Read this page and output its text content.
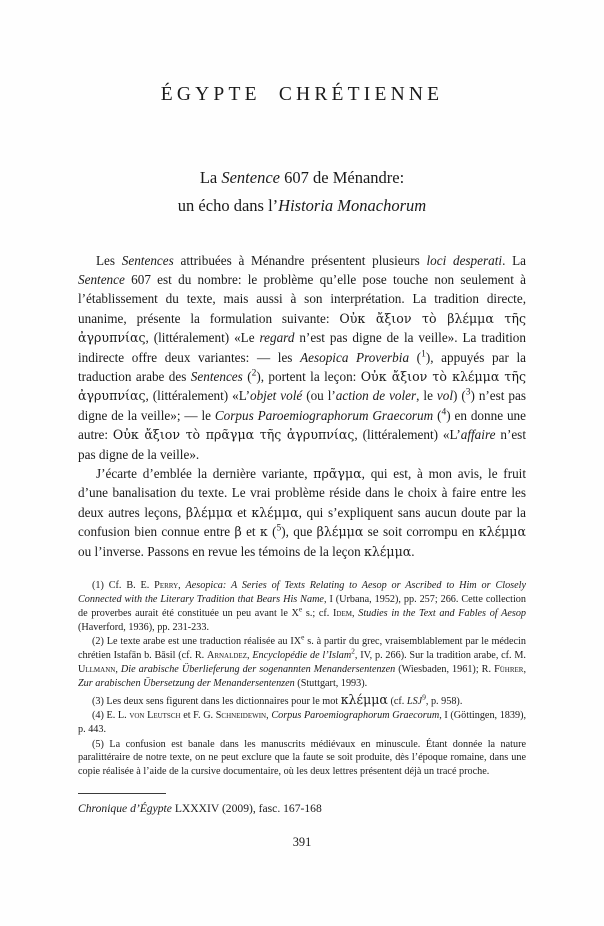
ÉGYPTE  CHRÉTIENNE
La Sentence 607 de Ménandre:
un écho dans l’Historia Monachorum

Les Sentences attribuées à Ménandre présentent plusieurs loci desperati. La Sentence 607 est du nombre: le problème qu’elle pose touche non seulement à l’établissement du texte, mais aussi à son interprétation. La tradition directe, unanime, présente la formulation suivante: Οὐκ ἄξιον τὸ βλέμμα τῆς ἀγρυπνίας, (littéralement) «Le regard n’est pas digne de la veille». La tradition indirecte offre deux variantes: — les Aesopica Proverbia ($^1$), appuyés par la traduction arabe des Sentences ($^2$), portent la leçon: Οὐκ ἄξιον τὸ κλέμμα τῆς ἀγρυπνίας, (littéralement) «L’objet volé (ou l’action de voler, le vol) ($^3$) n’est pas digne de la veille»; — le Corpus Paroemiographorum Graecorum ($^4$) en donne une autre: Οὐκ ἄξιον τὸ πρᾶγμα τῆς ἀγρυπνίας, (littéralement) «L’affaire n’est pas digne de la veille».

J’écarte d’emblée la dernière variante, πρᾶγμα, qui est, à mon avis, le fruit d’une banalisation du texte. Le vrai problème réside dans le choix à faire entre les deux autres leçons, βλέμμα et κλέμμα, qui s’expliquent sans aucun doute par la confusion bien connue entre β et κ ($^5$), que βλέμμα se soit corrompu en κλέμμα ou l’inverse. Passons en revue les témoins de la leçon κλέμμα.

(1) Cf. B. E. Perry, Aesopica: A Series of Texts Relating to Aesop or Ascribed to Him or Closely Connected with the Literary Tradition that Bears His Name, I (Urbana, 1952), pp. 257; 266. Cette collection de proverbes aurait été constituée un peu avant le Xe s.; cf. Idem, Studies in the Text and Fables of Aesop (Haverford, 1936), pp. 231-233.

(2) Le texte arabe est une traduction réalisée au IXe s. à partir du grec, vraisemblablement par le médecin chrétien Istafān b. Bāsil (cf. R. Arnaldez, Encyclopédie de l’Islam$^2$, IV, p. 266). Sur la tradition arabe, cf. M. Ullmann, Die arabische Überlieferung der sogenannten Menandersentenzen (Wiesbaden, 1961); R. Führer, Zur arabischen Übersetzung der Menandersentenzen (Stuttgart, 1993).

(3) Les deux sens figurent dans les dictionnaires pour le mot κλέμμα (cf. LSJ$^9$, p. 958).

(4) E. L. von Leutsch et F. G. Schneidewin, Corpus Paroemiographorum Graecorum, I (Göttingen, 1839), p. 443.

(5) La confusion est banale dans les manuscrits médiévaux en minuscule. Étant donnée la nature paralittéraire de notre texte, on ne peut exclure que la faute se soit produite, dès l’époque romaine, dans une copie réalisée à l’aide de la cursive documentaire, où les deux lettres présentent déjà un tracé proche.

Chronique d’Égypte LXXXIV (2009), fasc. 167-168
391
